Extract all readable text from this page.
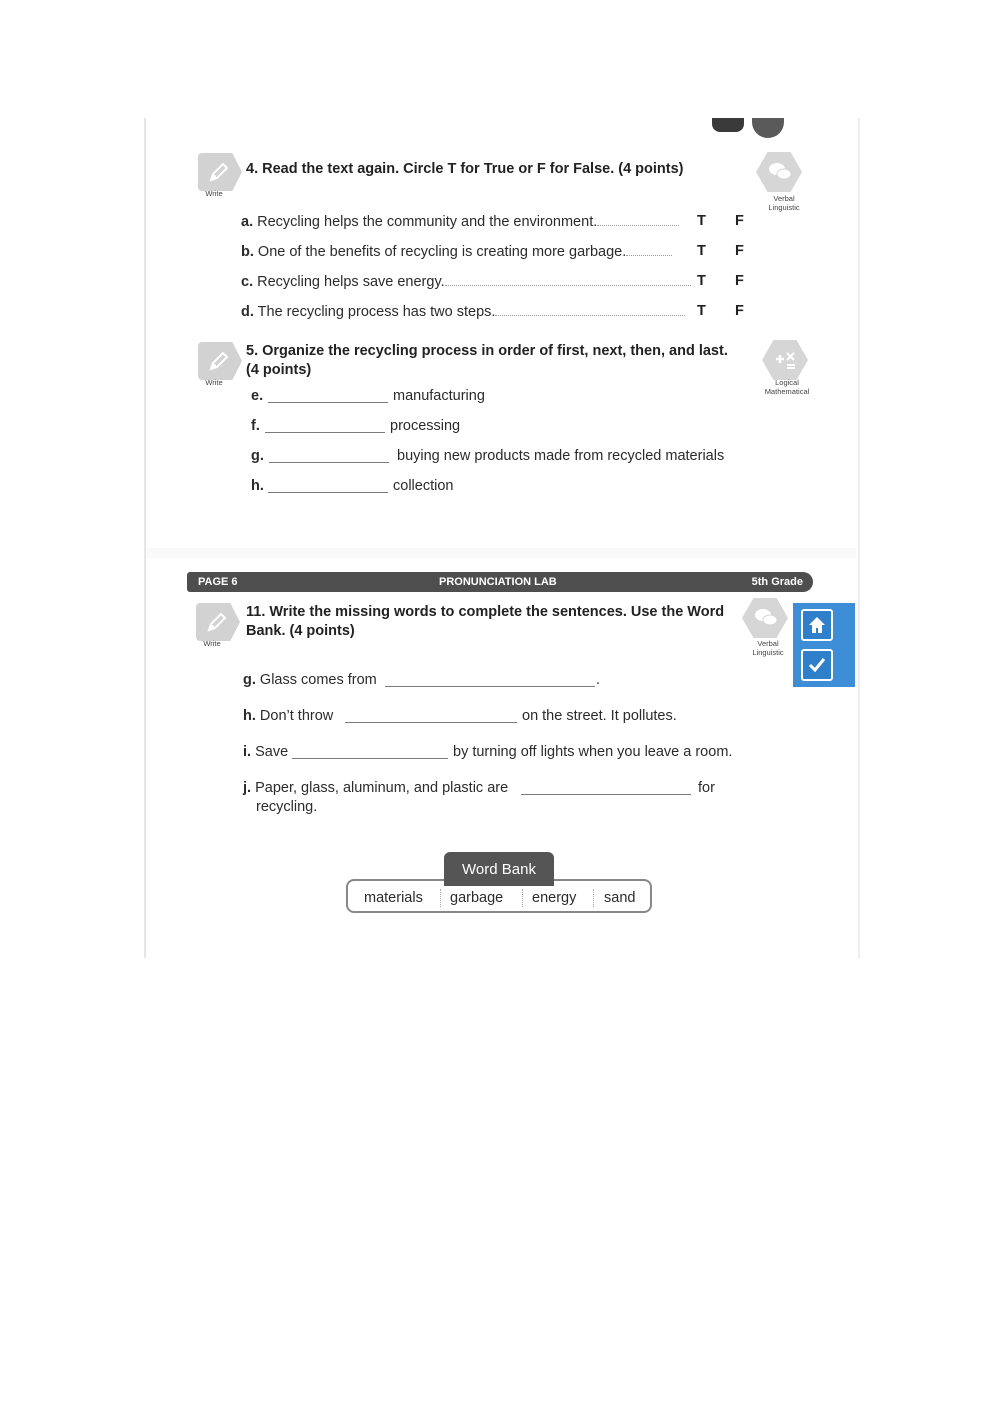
Write
4. Read the text again. Circle T for True or F for False. (4 points)
Verbal
Linguistic
a. Recycling helps the community and the environment.	T F
b. One of the benefits of recycling is creating more garbage.	T F
c. Recycling helps save energy.	T F
d. The recycling process has two steps.	T F
Write
5. Organize the recycling process in order of first, next, then, and last.
(4 points)
Logical
Mathematical
e.	manufacturing
f.	processing
g.	buying new products made from recycled materials
h.	collection
PAGE 6	PRONUNCIATION LAB	5th Grade
Write
11. Write the missing words to complete the sentences. Use the Word
Bank. (4 points)
Verbal
Linguistic
g. Glass comes from	.
h. Don’t throw	on the street. It pollutes.
i. Save	by turning off lights when you leave a room.
j. Paper, glass, aluminum, and plastic are	for
recycling.
materials garbage energy sand
Word Bank
